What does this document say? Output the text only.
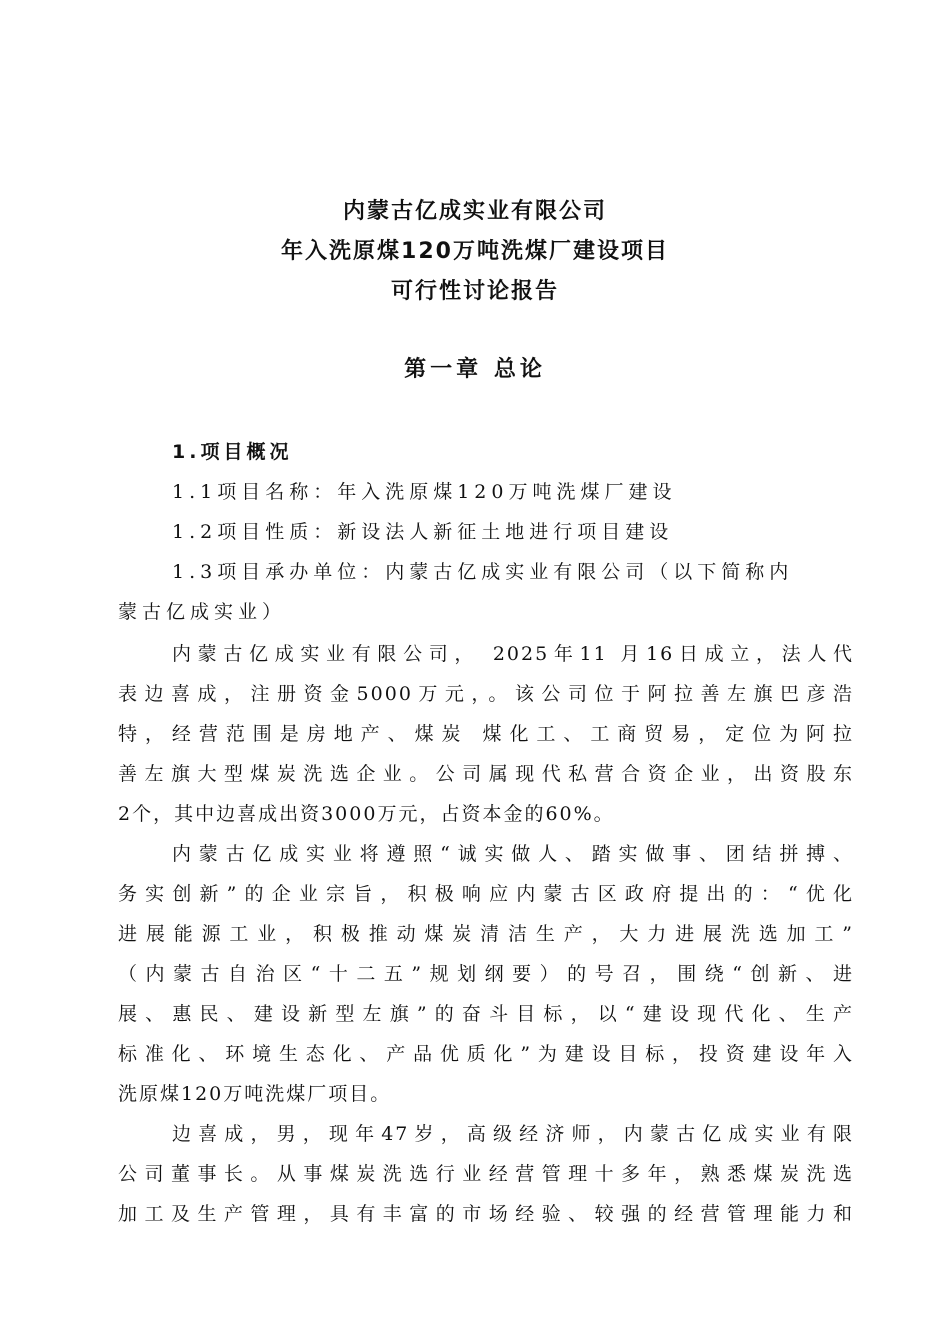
内蒙古亿成实业有限公司

年入洗原煤120万吨洗煤厂建设项目

可行性讨论报告

第一章 总论

1.项目概况

1.1项目名称：年入洗原煤120万吨洗煤厂建设

1.2项目性质：新设法人新征土地进行项目建设

1.3项目承办单位：内蒙古亿成实业有限公司（以下简称内

蒙古亿成实业）

内蒙古亿成实业有限公司， 2025年11 月16日成立，法人代

表边喜成，注册资金5000万元，。该公司位于阿拉善左旗巴彦浩

特，经营范围是房地产、煤炭 煤化工、工商贸易，定位为阿拉

善左旗大型煤炭洗选企业。公司属现代私营合资企业，出资股东

2个，其中边喜成出资3000万元，占资本金的60%。

内蒙古亿成实业将遵照“诚实做人、踏实做事、团结拼搏、

务实创新”的企业宗旨，积极响应内蒙古区政府提出的：“优化

进展能源工业，积极推动煤炭清洁生产，大力进展洗选加工”

（内蒙古自治区“十二五”规划纲要）的号召，围绕“创新、进

展、惠民、建设新型左旗”的奋斗目标，以“建设现代化、生产

标准化、环境生态化、产品优质化”为建设目标，投资建设年入

洗原煤120万吨洗煤厂项目。

边喜成，男，现年47岁，高级经济师，内蒙古亿成实业有限

公司董事长。从事煤炭洗选行业经营管理十多年，熟悉煤炭洗选

加工及生产管理，具有丰富的市场经验、较强的经营管理能力和
